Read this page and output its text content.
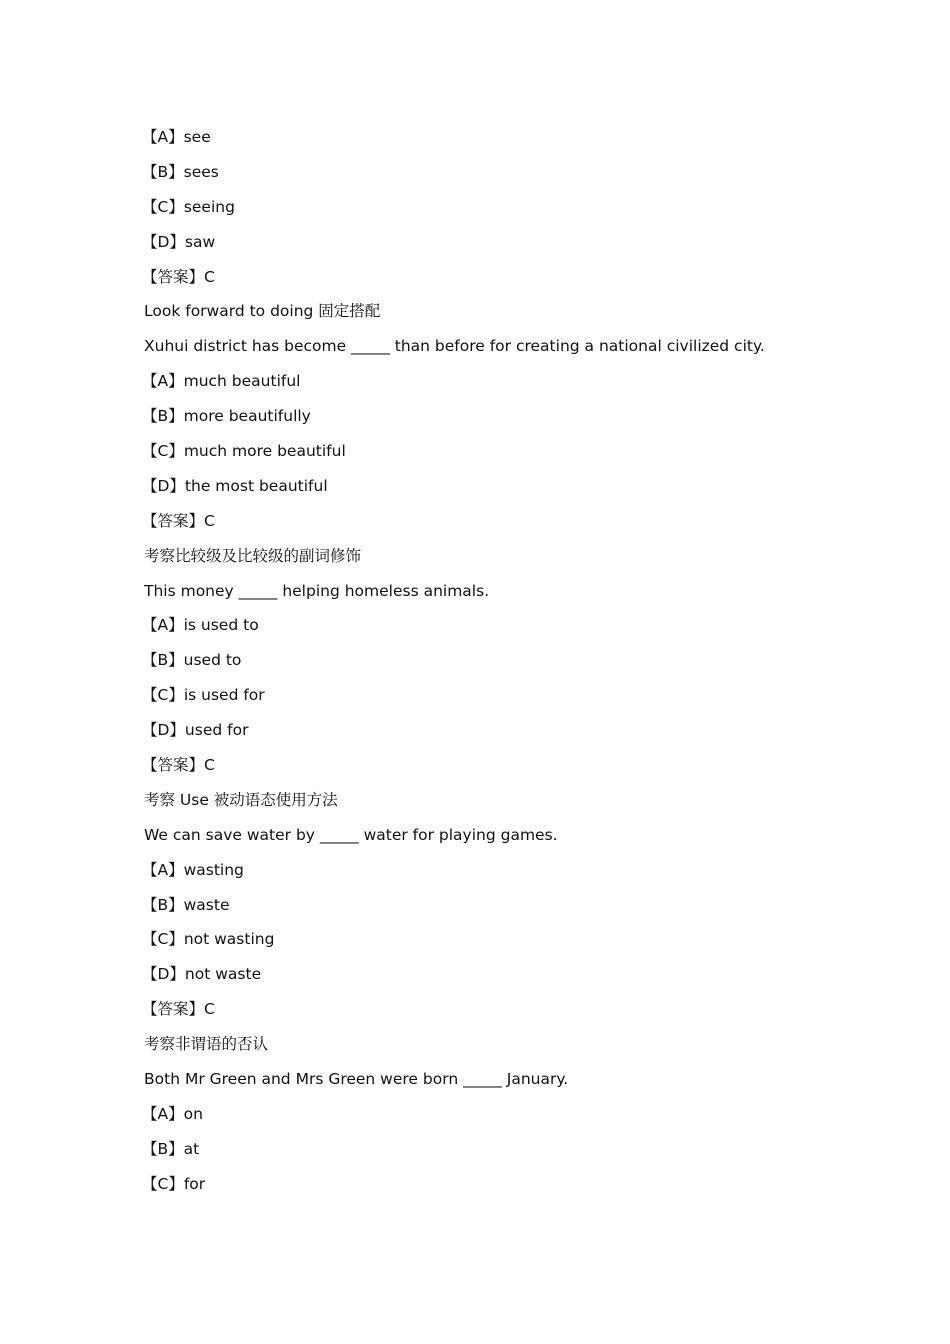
【A】see
【B】sees
【C】seeing
【D】saw
【答案】C
Look forward to doing 固定搭配
Xuhui district has become _____ than before for creating a national civilized city.
【A】much beautiful
【B】more beautifully
【C】much more beautiful
【D】the most beautiful
【答案】C
考察比较级及比较级的副词修饰
This money _____ helping homeless animals.
【A】is used to
【B】used to
【C】is used for
【D】used for
【答案】C
考察 Use 被动语态使用方法
We can save water by _____ water for playing games.
【A】wasting
【B】waste
【C】not wasting
【D】not waste
【答案】C
考察非谓语的否认
Both Mr Green and Mrs Green were born _____ January.
【A】on
【B】at
【C】for
